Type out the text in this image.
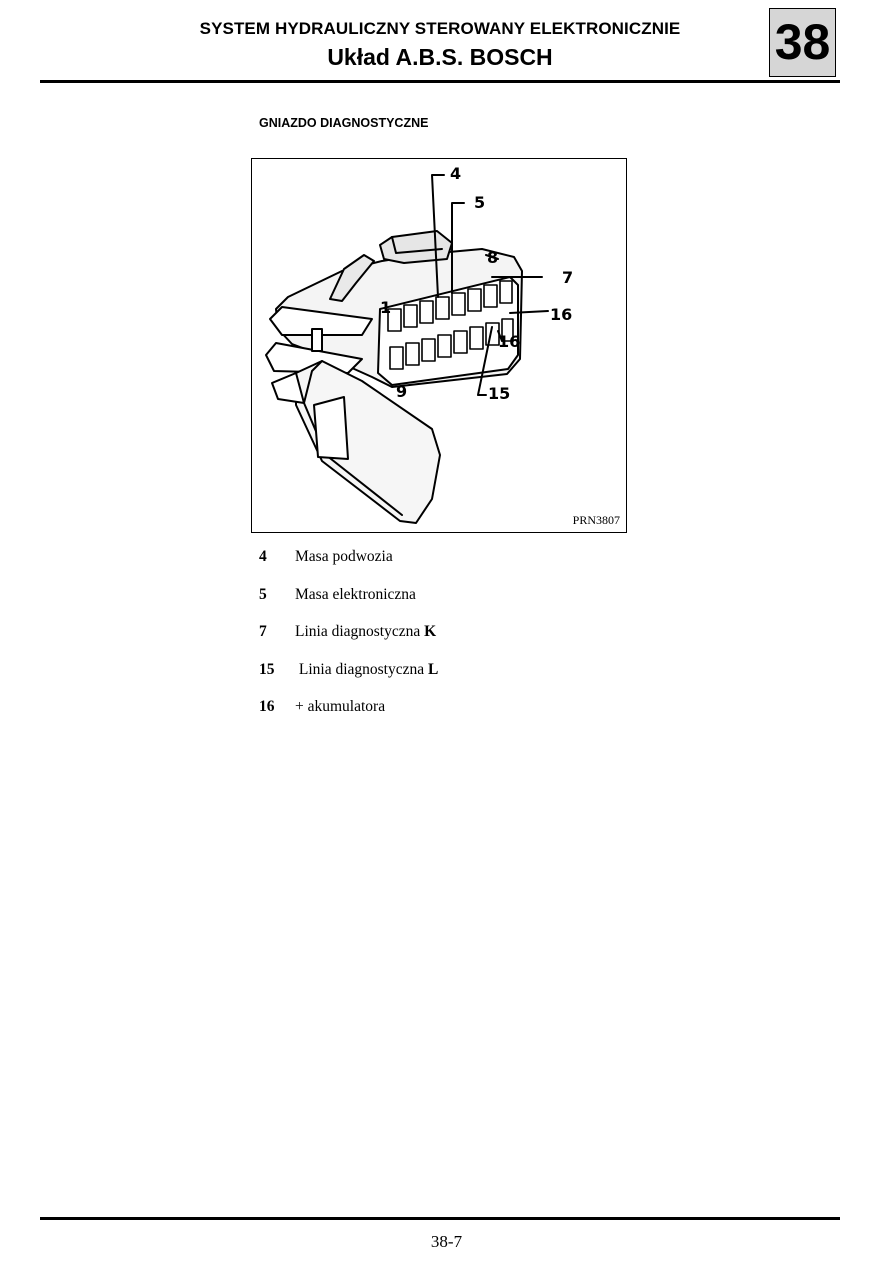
SYSTEM HYDRAULICZNY STEROWANY ELEKTRONICZNIE
Układ A.B.S. BOSCH	38
GNIAZDO DIAGNOSTYCZNE
4
5
8
7
1	16
16
9	15
PRN3807
4 Masa podwozia
5 Masa elektroniczna
7 Linia diagnostyczna K
15 Linia diagnostyczna L
16 + akumulatora
38-7
